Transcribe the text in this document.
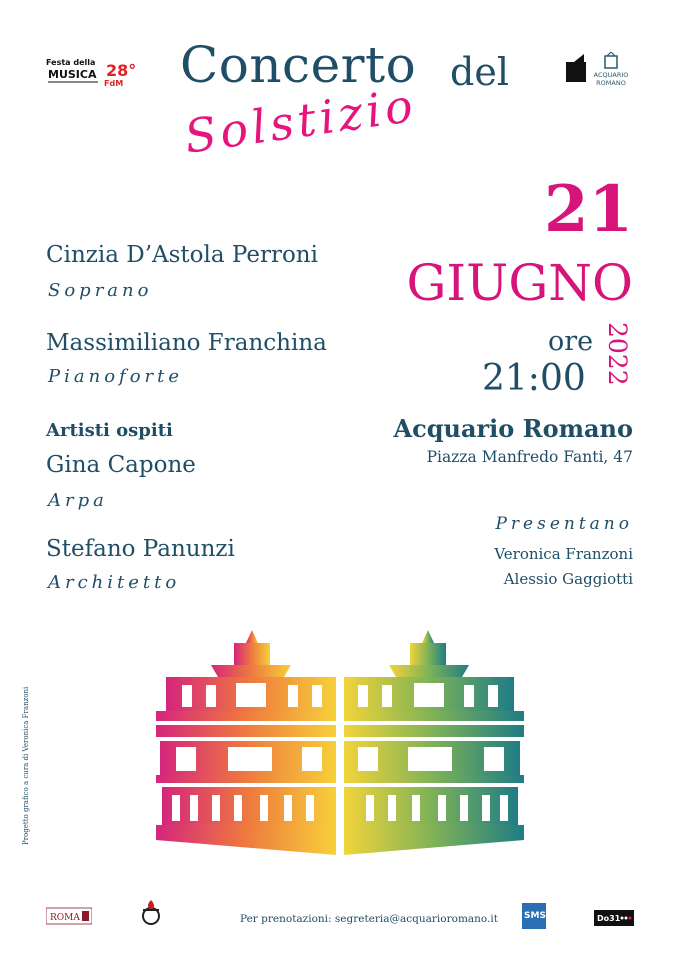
Festa della
MUSICA 28°
FdM
ACQUARIO
ROMANO
Concerto del
Solstizio
21
GIUGNO
ore
21:00 2022
Acquario Romano
Piazza Manfredo Fanti, 47
Presentano
Veronica Franzoni
Alessio Gaggiotti
Cinzia D’Astola Perroni
Soprano
Massimiliano Franchina
Pianoforte
Artisti ospiti
Gina Capone
Arpa
Stefano Panunzi
Architetto
Progetto grafico a cura di Veronica Franzoni
ROMA	Per prenotazioni: segreteria@acquarioromano.it	SMS	Do31
